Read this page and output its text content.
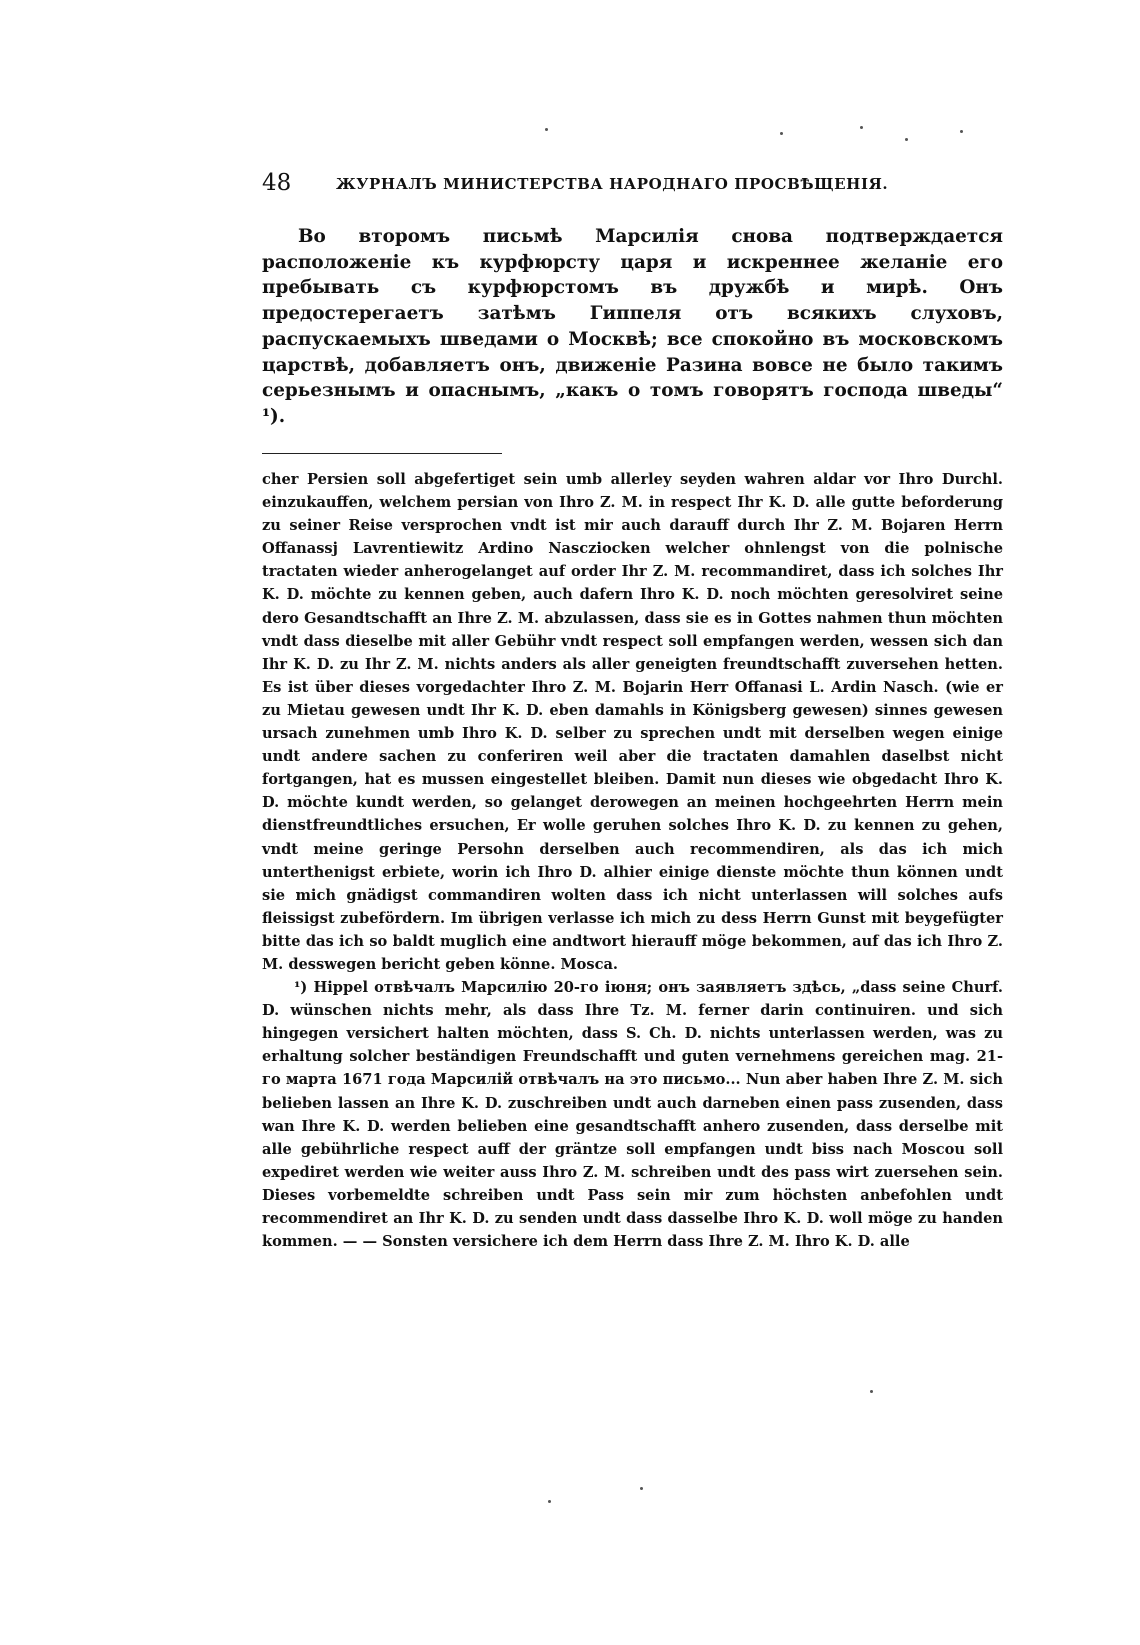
48	ЖУРНАЛЪ МИНИСТЕРСТВА НАРОДНАГО ПРОСВѢЩЕНІЯ.

Во второмъ письмѣ Марсилія снова подтверждается расположеніе къ курфюрсту царя и искреннее желаніе его пребывать съ курфюрстомъ въ дружбѣ и мирѣ. Онъ предостерегаетъ затѣмъ Гиппеля отъ всякихъ слуховъ, распускаемыхъ шведами о Москвѣ; все спокойно въ московскомъ царствѣ, добавляетъ онъ, движеніе Разина вовсе не было такимъ серьезнымъ и опаснымъ, „какъ о томъ говорятъ господа шведы“ ¹).

cher Persien soll abgefertiget sein umb allerley seyden wahren aldar vor Ihro Durchl. einzukauffen, welchem persian von Ihro Z. M. in respect Ihr K. D. alle gutte beforderung zu seiner Reise versprochen vndt ist mir auch darauff durch Ihr Z. M. Bojaren Herrn Offanassj Lavrentiewitz Ardino Nasсziocken welcher ohnlengst von die polnische tractaten wieder anherogelanget auf order Ihr Z. M. recommandiret, dass ich solches Ihr K. D. möchte zu kennen geben, auch dafern Ihro K. D. noch möchten geresolviret seine dero Gesandtschafft an Ihre Z. M. abzulassen, dass sie es in Gottes nahmen thun möchten vndt dass dieselbe mit aller Gebühr vndt respect soll empfangen werden, wessen sich dan Ihr K. D. zu Ihr Z. M. nichts anders als aller geneigten freundtschafft zuversehen hetten. Es ist über dieses vorgedachter Ihro Z. M. Bojarin Herr Offanasi L. Ardin Nasch. (wie er zu Mietau gewesen undt Ihr K. D. eben damahls in Königsberg gewesen) sinnes gewesen ursach zunehmen umb Ihro K. D. selber zu sprechen undt mit derselben wegen einige undt andere sachen zu conferiren weil aber die tractaten damahlen daselbst nicht fortgangen, hat es mussen eingestellet bleiben. Damit nun dieses wie obgedacht Ihro K. D. möchte kundt werden, so gelanget derowegen an meinen hochgeehrten Herrn mein dienstfreundtliches ersuchen, Er wolle geruhen solches Ihro K. D. zu kennen zu gehen, vndt meine geringe Persohn derselben auch recommendiren, als das ich mich unterthenigst erbiete, worin ich Ihro D. alhier einige dienste möchte thun können undt sie mich gnädigst commandiren wolten dass ich nicht unterlassen will solches aufs fleissigst zubefördern. Im übrigen verlasse ich mich zu dess Herrn Gunst mit beygefügter bitte das ich so baldt muglich eine andtwort hierauff möge bekommen, auf das ich Ihro Z. M. desswegen bericht geben könne. Mosca.

¹) Hippel отвѣчалъ Марсилію 20-го іюня; онъ заявляетъ здѣсь, „dass seine Churf. D. wünschen nichts mehr, als dass Ihre Tz. M. ferner darin continuiren. und sich hingegen versichert halten möchten, dass S. Ch. D. nichts unterlassen werden, was zu erhaltung solcher beständigen Freundschafft und guten vernehmens gereichen mag. 21-го марта 1671 года Марсилій отвѣчалъ на это письмо... Nun aber haben Ihre Z. M. sich belieben lassen an Ihre K. D. zuschreiben undt auch darneben einen pass zusenden, dass wan Ihre K. D. werden belieben eine gesandtschafft anhero zusenden, dass derselbe mit alle gebührliche respect auff der gräntze soll empfangen undt biss nach Moscou soll expediret werden wie weiter auss Ihro Z. M. schreiben undt des pass wirt zuersehen sein. Dieses vorbemeldte schreiben undt Pass sein mir zum höchsten anbefohlen undt recommendiret an Ihr K. D. zu senden undt dass dasselbe Ihro K. D. woll möge zu handen kommen. — — Sonsten versichere ich dem Herrn dass Ihre Z. M. Ihro K. D. alle
